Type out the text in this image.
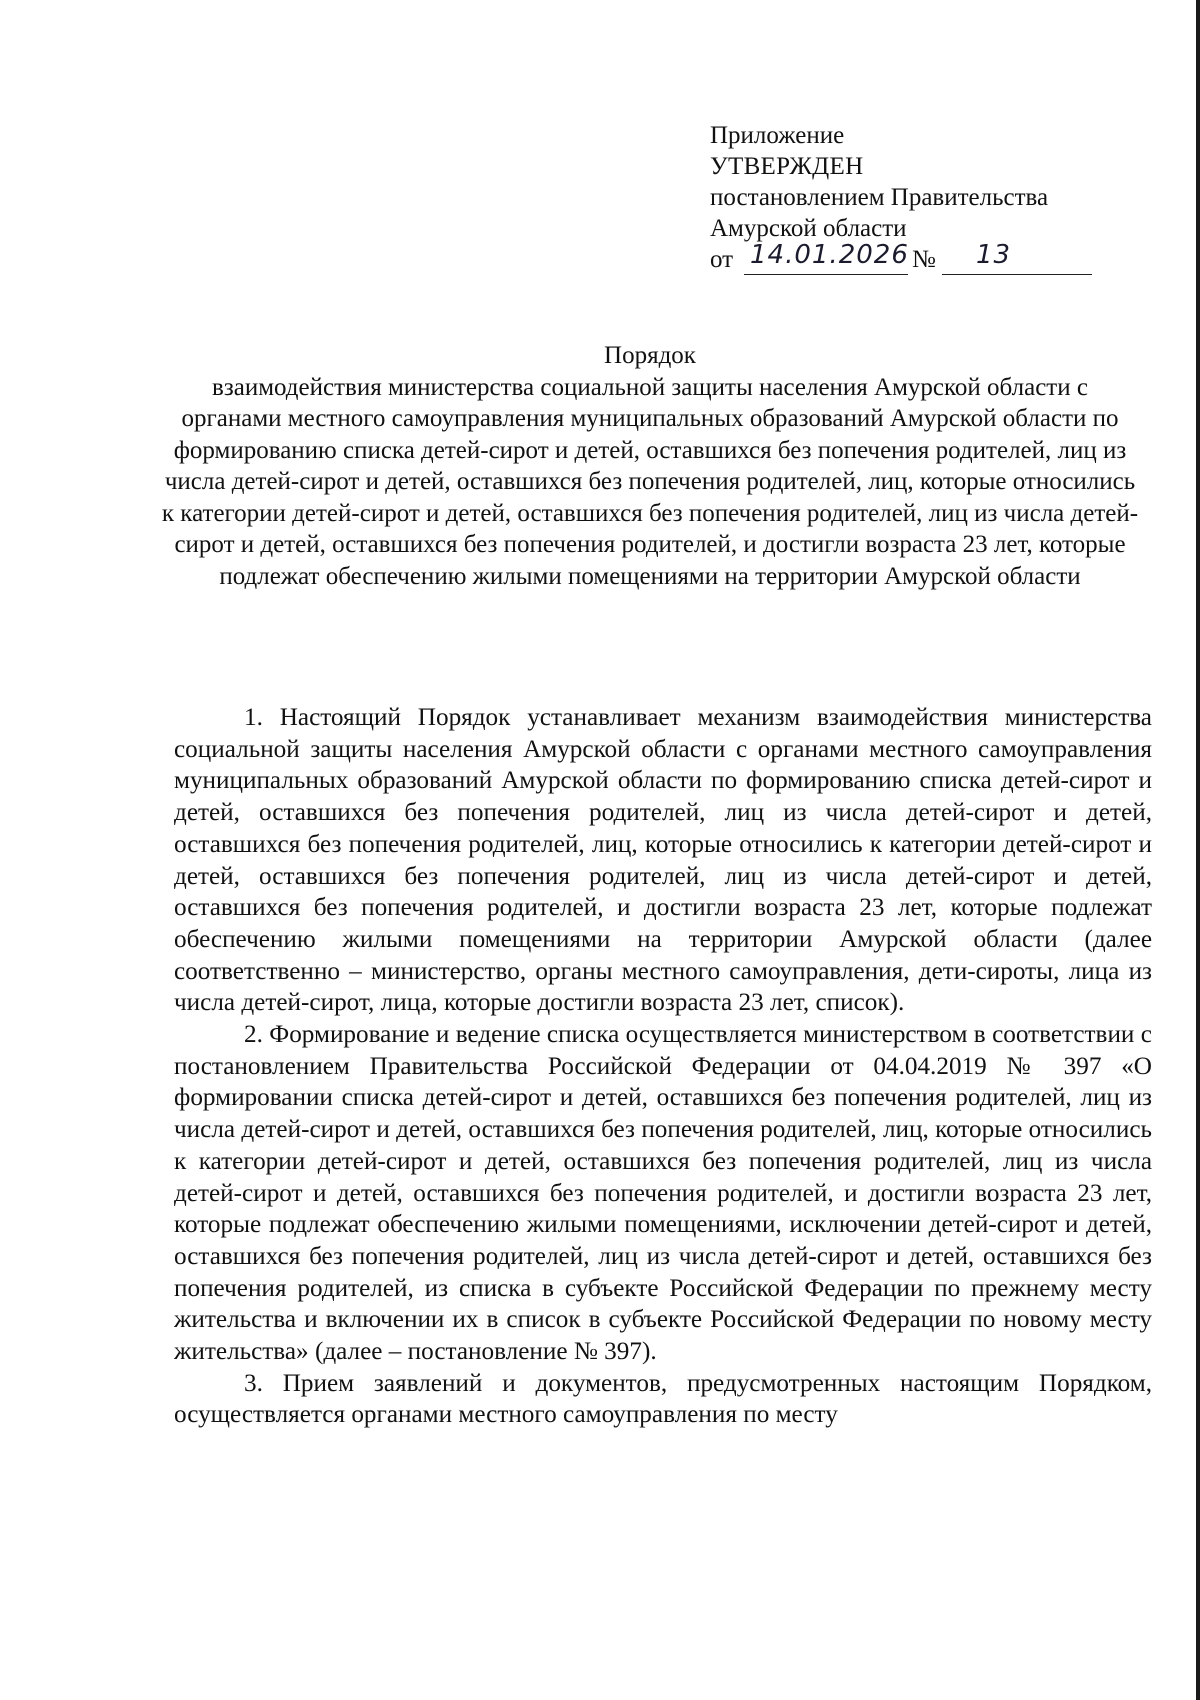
Приложение
УТВЕРЖДЕН
постановлением Правительства
Амурской области
от 14.01.2026 № 13
Порядок
взаимодействия министерства социальной защиты населения Амурской области с органами местного самоуправления муниципальных образований Амурской области по формированию списка детей-сирот и детей, оставшихся без попечения родителей, лиц из числа детей-сирот и детей, оставшихся без попечения родителей, лиц, которые относились к категории детей-сирот и детей, оставшихся без попечения родителей, лиц из числа детей-сирот и детей, оставшихся без попечения родителей, и достигли возраста 23 лет, которые подлежат обеспечению жилыми помещениями на территории Амурской области

1. Настоящий Порядок устанавливает механизм взаимодействия министерства социальной защиты населения Амурской области с органами местного самоуправления муниципальных образований Амурской области по формированию списка детей-сирот и детей, оставшихся без попечения родителей, лиц из числа детей-сирот и детей, оставшихся без попечения родителей, лиц, которые относились к категории детей-сирот и детей, оставшихся без попечения родителей, лиц из числа детей-сирот и детей, оставшихся без попечения родителей, и достигли возраста 23 лет, которые подлежат обеспечению жилыми помещениями на территории Амурской области (далее соответственно – министерство, органы местного самоуправления, дети-сироты, лица из числа детей-сирот, лица, которые достигли возраста 23 лет, список).

2. Формирование и ведение списка осуществляется министерством в соответствии с постановлением Правительства Российской Федерации от 04.04.2019 № 397 «О формировании списка детей-сирот и детей, оставшихся без попечения родителей, лиц из числа детей-сирот и детей, оставшихся без попечения родителей, лиц, которые относились к категории детей-сирот и детей, оставшихся без попечения родителей, лиц из числа детей-сирот и детей, оставшихся без попечения родителей, и достигли возраста 23 лет, которые подлежат обеспечению жилыми помещениями, исключении детей-сирот и детей, оставшихся без попечения родителей, лиц из числа детей-сирот и детей, оставшихся без попечения родителей, из списка в субъекте Российской Федерации по прежнему месту жительства и включении их в список в субъекте Российской Федерации по новому месту жительства» (далее – постановление № 397).

3. Прием заявлений и документов, предусмотренных настоящим Порядком, осуществляется органами местного самоуправления по месту
